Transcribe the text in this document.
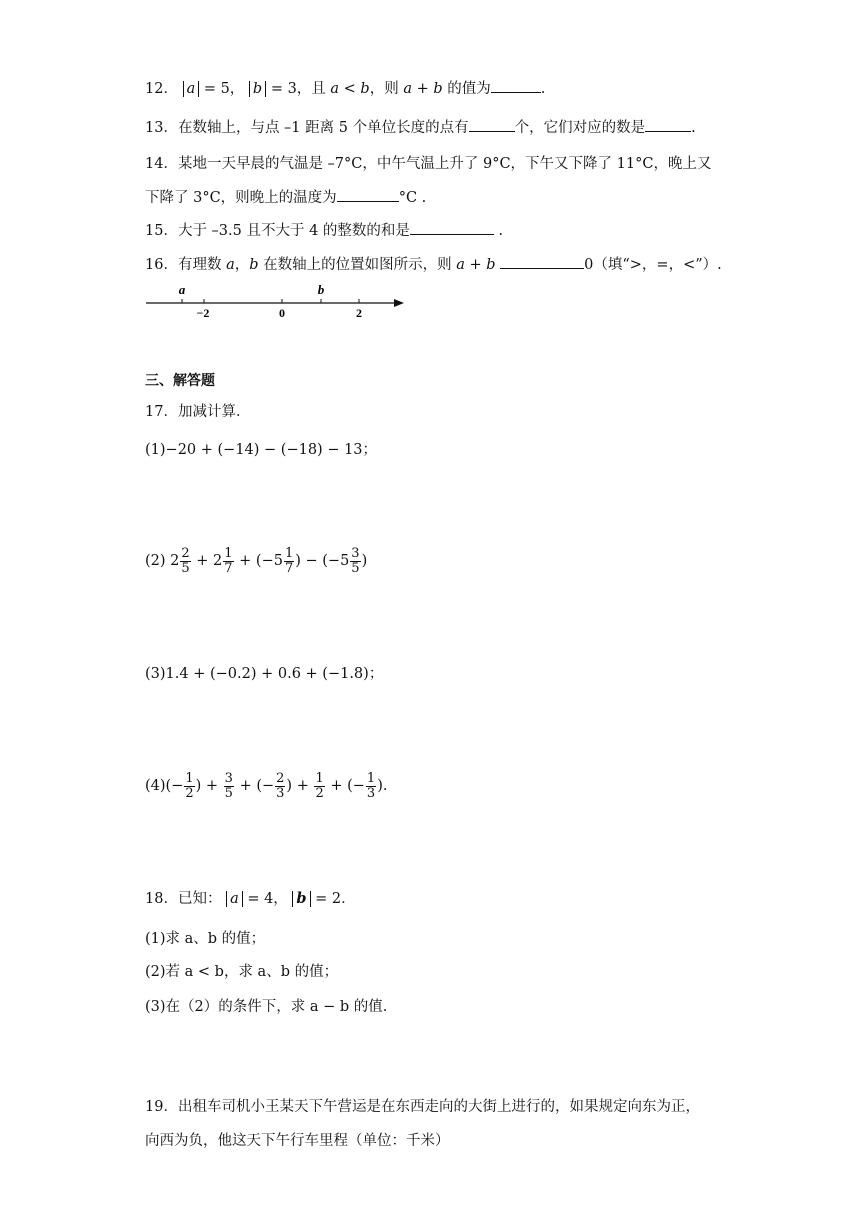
12． a = 5， b = 3，且 a < b，则 a + b 的值为	.
13．在数轴上，与点 –1 距离 5 个单位长度的点有	个，它们对应的数是	.
14．某地一天早晨的气温是 –7°C，中午气温上升了 9°C，下午又下降了 11°C，晚上又
下降了 3°C，则晚上的温度为	°C .
15．大于 –3.5 且不大于 4 的整数的和是	.
16．有理数 a，b 在数轴上的位置如图所示，则 a + b	0（填“>，=，<”）.
a	b
−2	0	2
三、解答题
17．加减计算．
(1)−20 + (−14) − (−18) − 13；
(2) $2 \frac{2}{5} + 2 \frac{1}{7} + (-5 \frac{1}{7}$ ) − ($-5 \frac{3}{5}$ )
(3)1.4 + (−0.2) + 0.6 + (−1.8)；
$(4)(- \frac{1}{2}$ ) + $\frac{3}{5}$ + (− $\frac{2}{3}$ ) + $\frac{1}{2}$ + (− $\frac{1}{3}$ ).
18．已知： a = 4， b = 2．
(1)求 a、b 的值；
(2)若 a < b，求 a、b 的值；
(3)在（2）的条件下，求 a − b 的值.
19．出租车司机小王某天下午营运是在东西走向的大街上进行的，如果规定向东为正，
向西为负，他这天下午行车里程（单位：千米）
